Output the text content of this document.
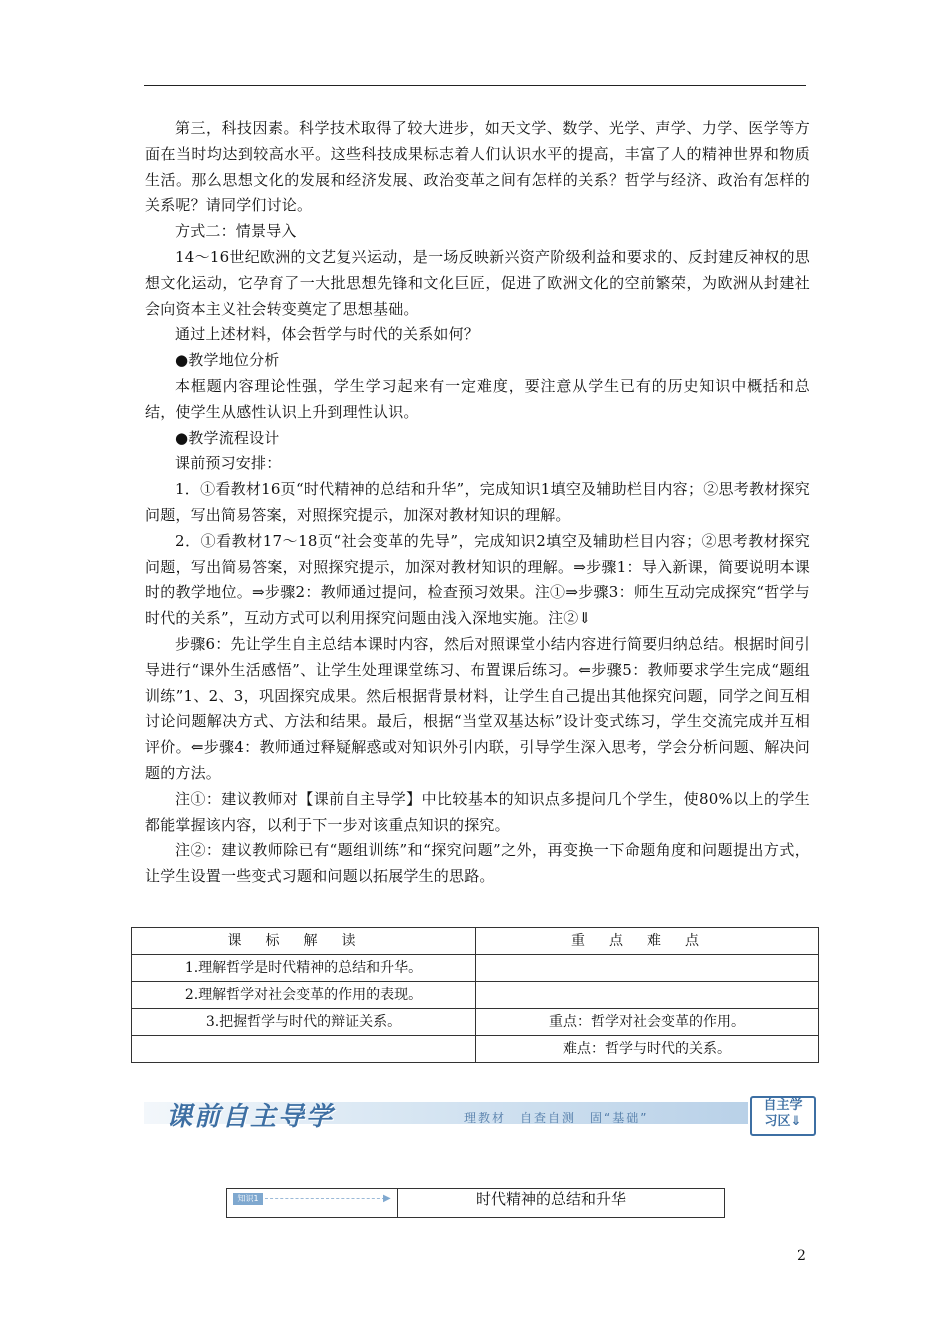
第三，科技因素。科学技术取得了较大进步，如天文学、数学、光学、声学、力学、医学等方面在当时均达到较高水平。这些科技成果标志着人们认识水平的提高，丰富了人的精神世界和物质生活。那么思想文化的发展和经济发展、政治变革之间有怎样的关系？哲学与经济、政治有怎样的关系呢？请同学们讨论。

方式二：情景导入

14～16世纪欧洲的文艺复兴运动，是一场反映新兴资产阶级利益和要求的、反封建反神权的思想文化运动，它孕育了一大批思想先锋和文化巨匠，促进了欧洲文化的空前繁荣，为欧洲从封建社会向资本主义社会转变奠定了思想基础。

通过上述材料，体会哲学与时代的关系如何？

●教学地位分析

本框题内容理论性强，学生学习起来有一定难度，要注意从学生已有的历史知识中概括和总结，使学生从感性认识上升到理性认识。

●教学流程设计

课前预习安排：

1．①看教材16页“时代精神的总结和升华”，完成知识1填空及辅助栏目内容；②思考教材探究问题，写出简易答案，对照探究提示，加深对教材知识的理解。

2．①看教材17～18页“社会变革的先导”，完成知识2填空及辅助栏目内容；②思考教材探究问题，写出简易答案，对照探究提示，加深对教材知识的理解。⇒步骤1：导入新课，简要说明本课时的教学地位。⇒步骤2：教师通过提问，检查预习效果。注①⇒步骤3：师生互动完成探究“哲学与时代的关系”，互动方式可以利用探究问题由浅入深地实施。注②⇓

步骤6：先让学生自主总结本课时内容，然后对照课堂小结内容进行简要归纳总结。根据时间引导进行“课外生活感悟”、让学生处理课堂练习、布置课后练习。⇐步骤5：教师要求学生完成“题组训练”1、2、3，巩固探究成果。然后根据背景材料，让学生自己提出其他探究问题，同学之间互相讨论问题解决方式、方法和结果。最后，根据“当堂双基达标”设计变式练习，学生交流完成并互相评价。⇐步骤4：教师通过释疑解惑或对知识外引内联，引导学生深入思考，学会分析问题、解决问题的方法。

注①：建议教师对【课前自主导学】中比较基本的知识点多提问几个学生，使80%以上的学生都能掌握该内容，以利于下一步对该重点知识的探究。

注②：建议教师除已有“题组训练”和“探究问题”之外，再变换一下命题角度和问题提出方式，让学生设置一些变式习题和问题以拓展学生的思路。

课标解读	重点难点
1.理解哲学是时代精神的总结和升华。	
2.理解哲学对社会变革的作用的表现。	
3.把握哲学与时代的辩证关系。	重点：哲学对社会变革的作用。
	难点：哲学与时代的关系。
课前自主导学	理教材　自查自测　固“基础”
自主学
习区⇓
知识1	▶	时代精神的总结和升华
2
